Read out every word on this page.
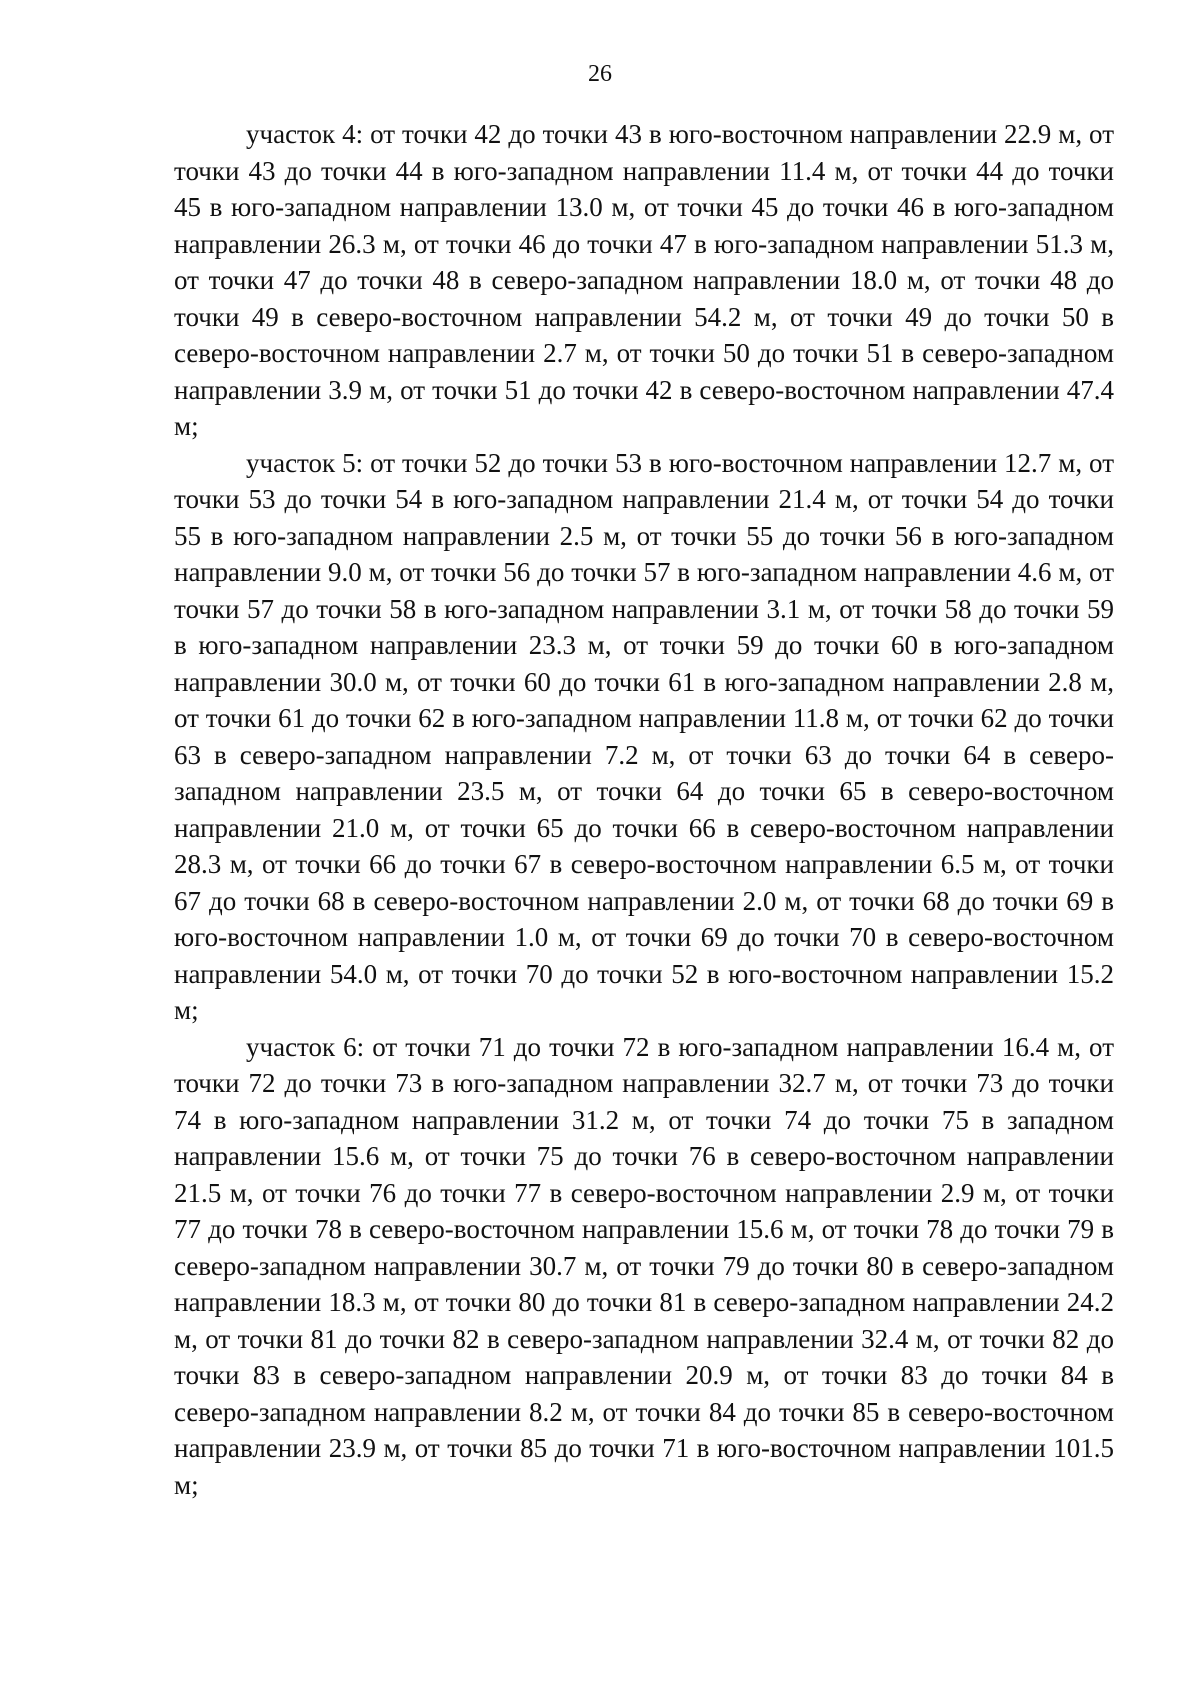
26

участок 4: от точки 42 до точки 43 в юго-восточном направлении 22.9 м, от точки 43 до точки 44 в юго-западном направлении 11.4 м, от точки 44 до точки 45 в юго-западном направлении 13.0 м, от точки 45 до точки 46 в юго-западном направлении 26.3 м, от точки 46 до точки 47 в юго-западном направлении 51.3 м, от точки 47 до точки 48 в северо-западном направлении 18.0 м, от точки 48 до точки 49 в северо-восточном направлении 54.2 м, от точки 49 до точки 50 в северо-восточном направлении 2.7 м, от точки 50 до точки 51 в северо-западном направлении 3.9 м, от точки 51 до точки 42 в северо-восточном направлении 47.4 м;

участок 5: от точки 52 до точки 53 в юго-восточном направлении 12.7 м, от точки 53 до точки 54 в юго-западном направлении 21.4 м, от точки 54 до точки 55 в юго-западном направлении 2.5 м, от точки 55 до точки 56 в юго-западном направлении 9.0 м, от точки 56 до точки 57 в юго-западном направлении 4.6 м, от точки 57 до точки 58 в юго-западном направлении 3.1 м, от точки 58 до точки 59 в юго-западном направлении 23.3 м, от точки 59 до точки 60 в юго-западном направлении 30.0 м, от точки 60 до точки 61 в юго-западном направлении 2.8 м, от точки 61 до точки 62 в юго-западном направлении 11.8 м, от точки 62 до точки 63 в северо-западном направлении 7.2 м, от точки 63 до точки 64 в северо-западном направлении 23.5 м, от точки 64 до точки 65 в северо-восточном направлении 21.0 м, от точки 65 до точки 66 в северо-восточном направлении 28.3 м, от точки 66 до точки 67 в северо-восточном направлении 6.5 м, от точки 67 до точки 68 в северо-восточном направлении 2.0 м, от точки 68 до точки 69 в юго-восточном направлении 1.0 м, от точки 69 до точки 70 в северо-восточном направлении 54.0 м, от точки 70 до точки 52 в юго-восточном направлении 15.2 м;

участок 6: от точки 71 до точки 72 в юго-западном направлении 16.4 м, от точки 72 до точки 73 в юго-западном направлении 32.7 м, от точки 73 до точки 74 в юго-западном направлении 31.2 м, от точки 74 до точки 75 в западном направлении 15.6 м, от точки 75 до точки 76 в северо-восточном направлении 21.5 м, от точки 76 до точки 77 в северо-восточном направлении 2.9 м, от точки 77 до точки 78 в северо-восточном направлении 15.6 м, от точки 78 до точки 79 в северо-западном направлении 30.7 м, от точки 79 до точки 80 в северо-западном направлении 18.3 м, от точки 80 до точки 81 в северо-западном направлении 24.2 м, от точки 81 до точки 82 в северо-западном направлении 32.4 м, от точки 82 до точки 83 в северо-западном направлении 20.9 м, от точки 83 до точки 84 в северо-западном направлении 8.2 м, от точки 84 до точки 85 в северо-восточном направлении 23.9 м, от точки 85 до точки 71 в юго-восточном направлении 101.5 м;
